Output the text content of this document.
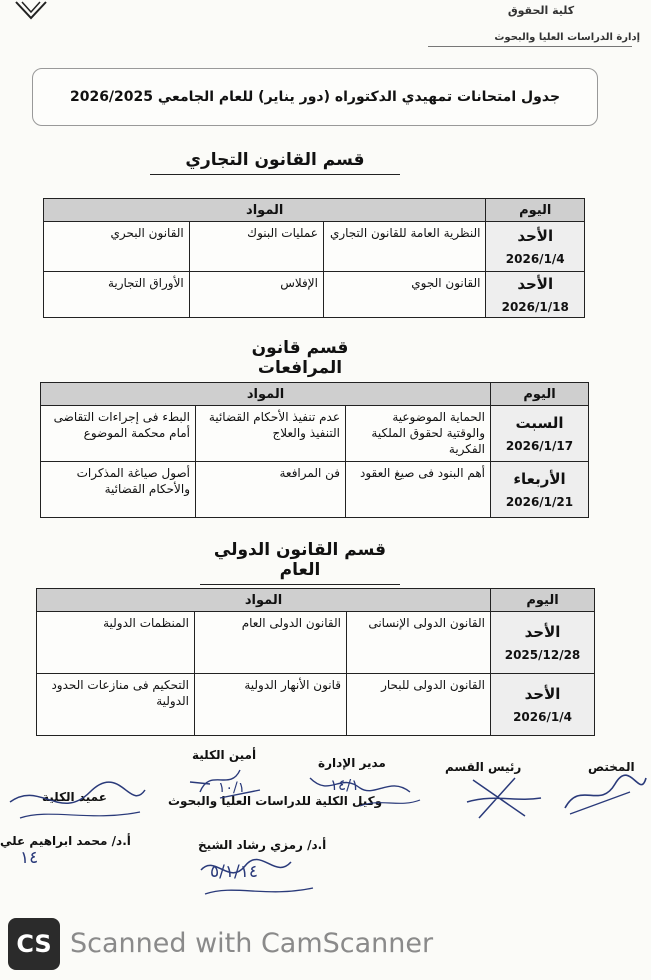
كلية الحقوق
إدارة الدراسات العليا والبحوث
جدول امتحانات تمهيدي الدكتوراه (دور يناير) للعام الجامعي 2026/2025
قسم القانون التجاري
اليوم	المواد		

الأحد
2026/1/4	النظرية العامة للقانون التجاري	عمليات البنوك	القانون البحري

الأحد
2026/1/18	القانون الجوي	الإفلاس	الأوراق التجارية
قسم قانون المرافعات
اليوم	المواد		

السبت
2026/1/17	الحماية الموضوعية والوقتية لحقوق الملكية الفكرية	عدم تنفيذ الأحكام القضائية التنفيذ والعلاج	البطء فى إجراءات التقاضى أمام محكمة الموضوع

الأربعاء
2026/1/21	أهم البنود فى صيغ العقود	فن المرافعة	أصول صياغة المذكرات والأحكام القضائية
قسم القانون الدولي العام
اليوم	المواد		

الأحد
2025/12/28	القانون الدولى الإنسانى	القانون الدولى العام	المنظمات الدولية

الأحد
2026/1/4	القانون الدولى للبحار	قانون الأنهار الدولية	التحكيم فى منازعات الحدود الدولية
المختص
رئيس القسم
مدير الإدارة
أمين الكلية
وكيل الكلية للدراسات العليا والبحوث
أ.د/ رمزي رشاد الشيخ
عميد الكلية
أ.د/ محمد ابراهيم علي
١٤/١
١٠/١
٥/١/١٤
١٤
CS Scanned with CamScanner
